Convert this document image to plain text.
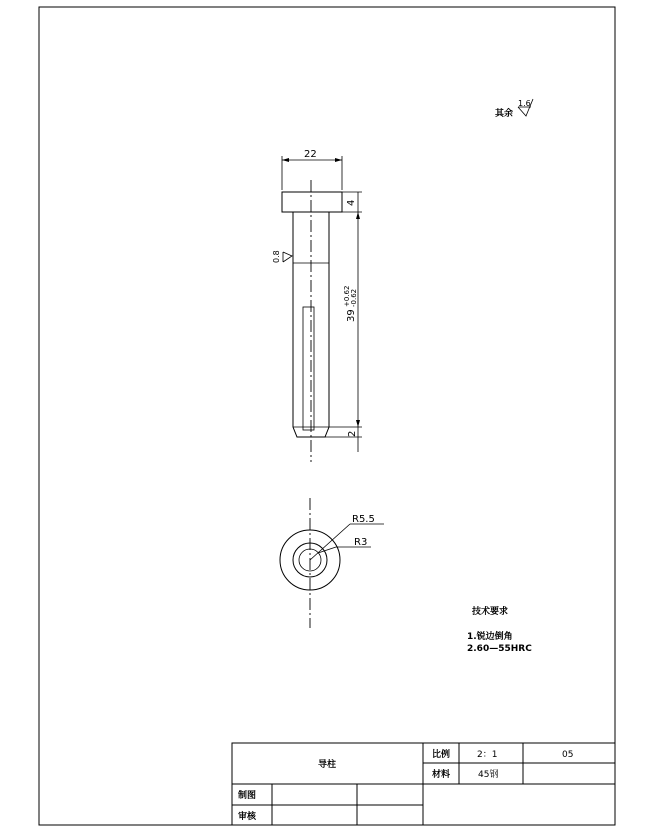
其余
1.6
22
4
39
+0.62 -0.62
2
0.8
R5.5
R3
技术要求
1.锐边倒角
2.60—55HRC
导柱
比例	2：1	05
材料	45钢
制图
审核
